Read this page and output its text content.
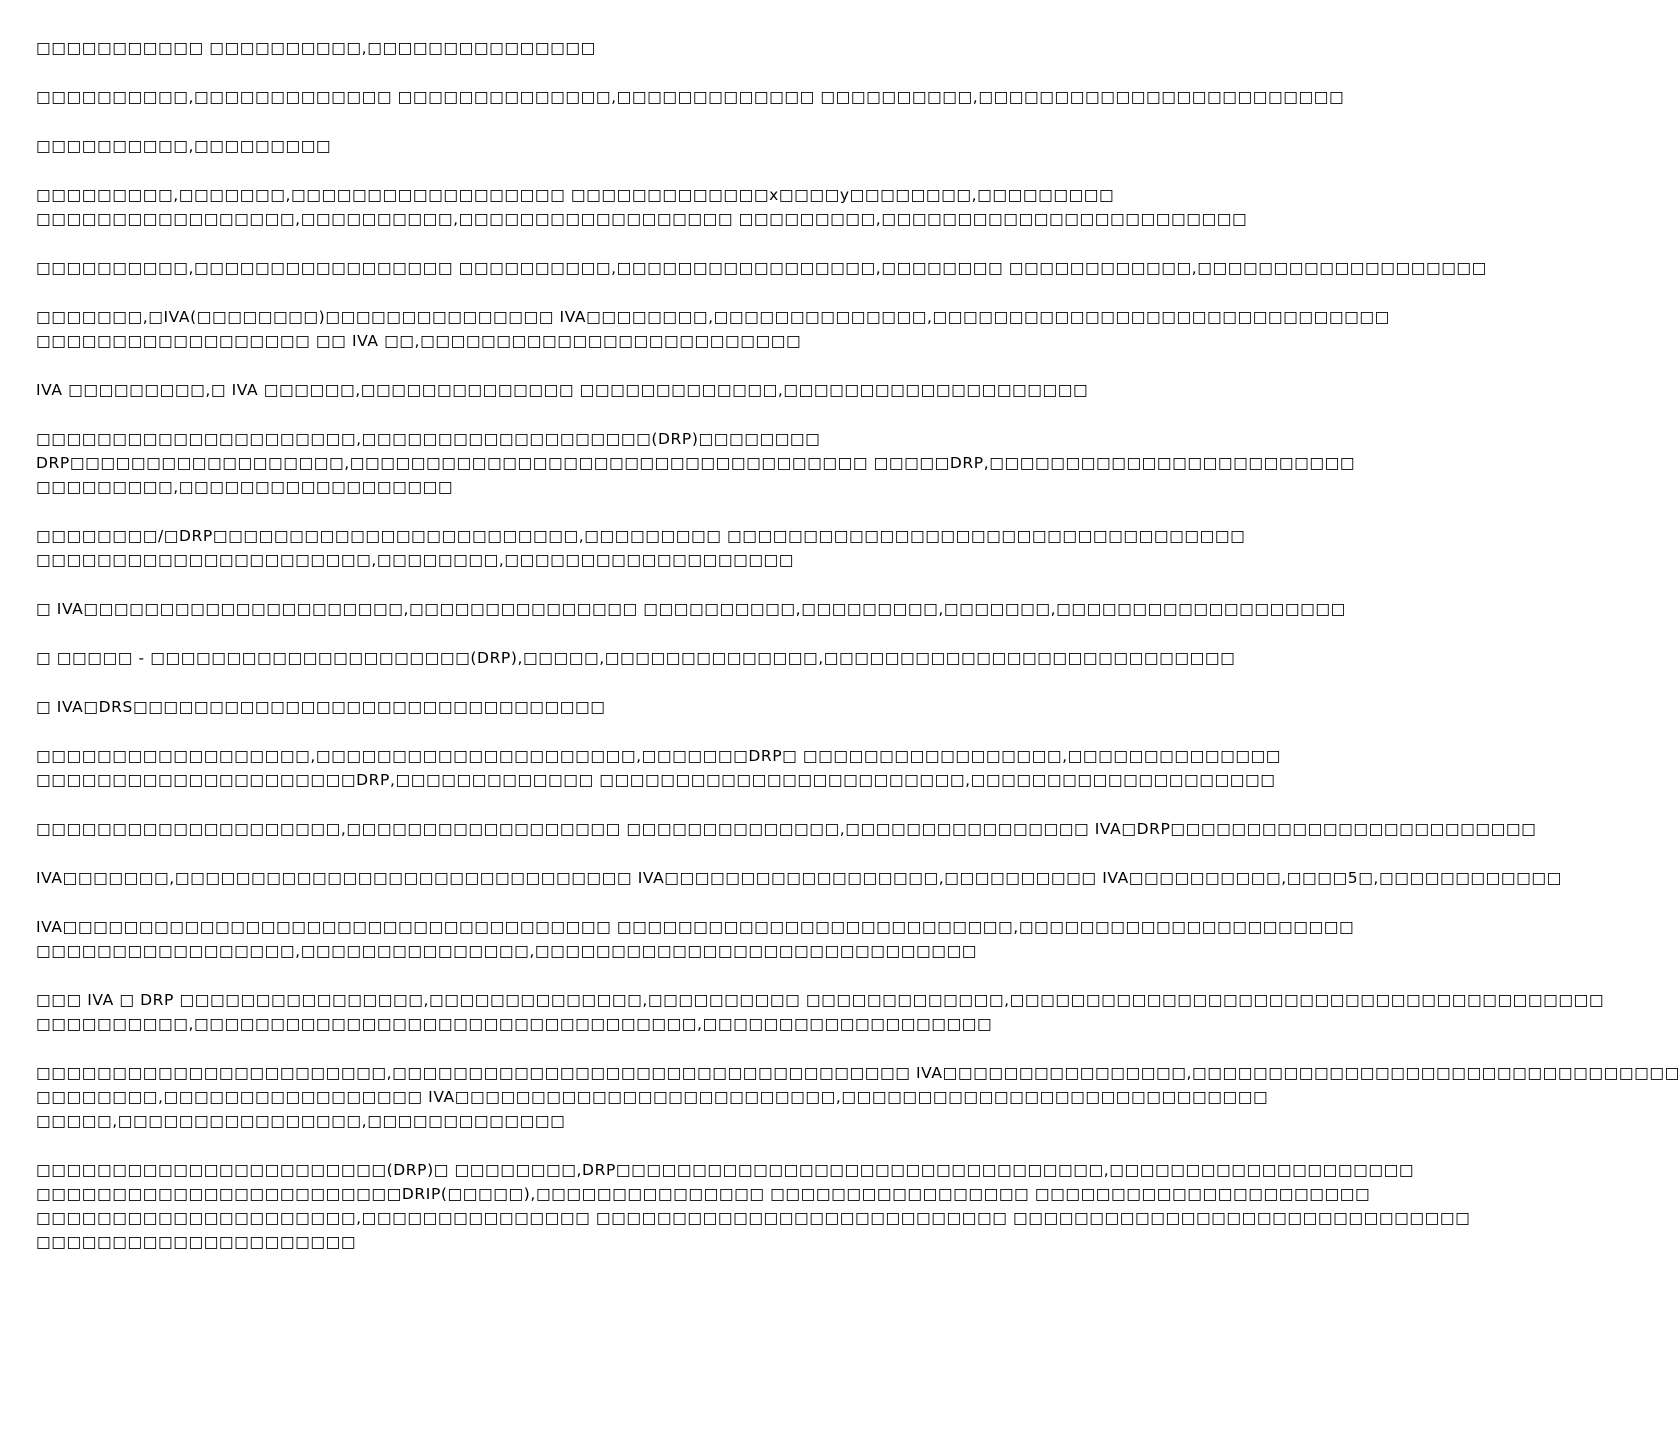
□□□□□□□□□□□ □□□□□□□□□□,□□□□□□□□□□□□□□□

□□□□□□□□□□,□□□□□□□□□□□□□ □□□□□□□□□□□□□□,□□□□□□□□□□□□□ □□□□□□□□□□,□□□□□□□□□□□□□□□□□□□□□□□□

□□□□□□□□□□,□□□□□□□□□

□□□□□□□□□,□□□□□□□,□□□□□□□□□□□□□□□□□□ □□□□□□□□□□□□□x□□□□y□□□□□□□□,□□□□□□□□□
□□□□□□□□□□□□□□□□□,□□□□□□□□□□,□□□□□□□□□□□□□□□□□□ □□□□□□□□□,□□□□□□□□□□□□□□□□□□□□□□□□

□□□□□□□□□□,□□□□□□□□□□□□□□□□□ □□□□□□□□□□,□□□□□□□□□□□□□□□□□,□□□□□□□□ □□□□□□□□□□□□,□□□□□□□□□□□□□□□□□□□

□□□□□□□,□IVA(□□□□□□□□)□□□□□□□□□□□□□□□ IVA□□□□□□□□,□□□□□□□□□□□□□□,□□□□□□□□□□□□□□□□□□□□□□□□□□□□□□
□□□□□□□□□□□□□□□□□□ □□ IVA □□,□□□□□□□□□□□□□□□□□□□□□□□□□

IVA □□□□□□□□□,□ IVA □□□□□□,□□□□□□□□□□□□□□ □□□□□□□□□□□□□,□□□□□□□□□□□□□□□□□□□□

□□□□□□□□□□□□□□□□□□□□□,□□□□□□□□□□□□□□□□□□□(DRP)□□□□□□□□
DRP□□□□□□□□□□□□□□□□□□,□□□□□□□□□□□□□□□□□□□□□□□□□□□□□□□□□□ □□□□□DRP,□□□□□□□□□□□□□□□□□□□□□□□□
□□□□□□□□□,□□□□□□□□□□□□□□□□□□

□□□□□□□□/□DRP□□□□□□□□□□□□□□□□□□□□□□□□,□□□□□□□□□ □□□□□□□□□□□□□□□□□□□□□□□□□□□□□□□□□□
□□□□□□□□□□□□□□□□□□□□□□,□□□□□□□□,□□□□□□□□□□□□□□□□□□□

□ IVA□□□□□□□□□□□□□□□□□□□□□,□□□□□□□□□□□□□□□ □□□□□□□□□□,□□□□□□□□□,□□□□□□□,□□□□□□□□□□□□□□□□□□□

□ □□□□□ - □□□□□□□□□□□□□□□□□□□□□(DRP),□□□□□,□□□□□□□□□□□□□□,□□□□□□□□□□□□□□□□□□□□□□□□□□□

□ IVA□DRS□□□□□□□□□□□□□□□□□□□□□□□□□□□□□□□

□□□□□□□□□□□□□□□□□□,□□□□□□□□□□□□□□□□□□□□□,□□□□□□□DRP□ □□□□□□□□□□□□□□□□□,□□□□□□□□□□□□□□
□□□□□□□□□□□□□□□□□□□□□DRP,□□□□□□□□□□□□□ □□□□□□□□□□□□□□□□□□□□□□□□,□□□□□□□□□□□□□□□□□□□□

□□□□□□□□□□□□□□□□□□□□,□□□□□□□□□□□□□□□□□□ □□□□□□□□□□□□□□,□□□□□□□□□□□□□□□□ IVA□DRP□□□□□□□□□□□□□□□□□□□□□□□□

IVA□□□□□□□,□□□□□□□□□□□□□□□□□□□□□□□□□□□□□□ IVA□□□□□□□□□□□□□□□□□□,□□□□□□□□□□ IVA□□□□□□□□□□,□□□□5□,□□□□□□□□□□□□

IVA□□□□□□□□□□□□□□□□□□□□□□□□□□□□□□□□□□□□ □□□□□□□□□□□□□□□□□□□□□□□□□□,□□□□□□□□□□□□□□□□□□□□□□
□□□□□□□□□□□□□□□□□,□□□□□□□□□□□□□□□,□□□□□□□□□□□□□□□□□□□□□□□□□□□□□

□□□ IVA □ DRP □□□□□□□□□□□□□□□□,□□□□□□□□□□□□□□,□□□□□□□□□□ □□□□□□□□□□□□□,□□□□□□□□□□□□□□□□□□□□□□□□□□□□□□□□□□□□□□□
□□□□□□□□□□,□□□□□□□□□□□□□□□□□□□□□□□□□□□□□□□□□,□□□□□□□□□□□□□□□□□□□

□□□□□□□□□□□□□□□□□□□□□□□,□□□□□□□□□□□□□□□□□□□□□□□□□□□□□□□□□□ IVA□□□□□□□□□□□□□□□□,□□□□□□□□□□□□□□□□□□□□□□□□□□□□□□□□
□□□□□□□□,□□□□□□□□□□□□□□□□□ IVA□□□□□□□□□□□□□□□□□□□□□□□□□,□□□□□□□□□□□□□□□□□□□□□□□□□□□□
□□□□□,□□□□□□□□□□□□□□□□,□□□□□□□□□□□□□

□□□□□□□□□□□□□□□□□□□□□□□(DRP)□ □□□□□□□□,DRP□□□□□□□□□□□□□□□□□□□□□□□□□□□□□□□□,□□□□□□□□□□□□□□□□□□□□
□□□□□□□□□□□□□□□□□□□□□□□□DRIP(□□□□□),□□□□□□□□□□□□□□□ □□□□□□□□□□□□□□□□□ □□□□□□□□□□□□□□□□□□□□□□
□□□□□□□□□□□□□□□□□□□□□,□□□□□□□□□□□□□□□ □□□□□□□□□□□□□□□□□□□□□□□□□□□ □□□□□□□□□□□□□□□□□□□□□□□□□□□□□□
□□□□□□□□□□□□□□□□□□□□□
